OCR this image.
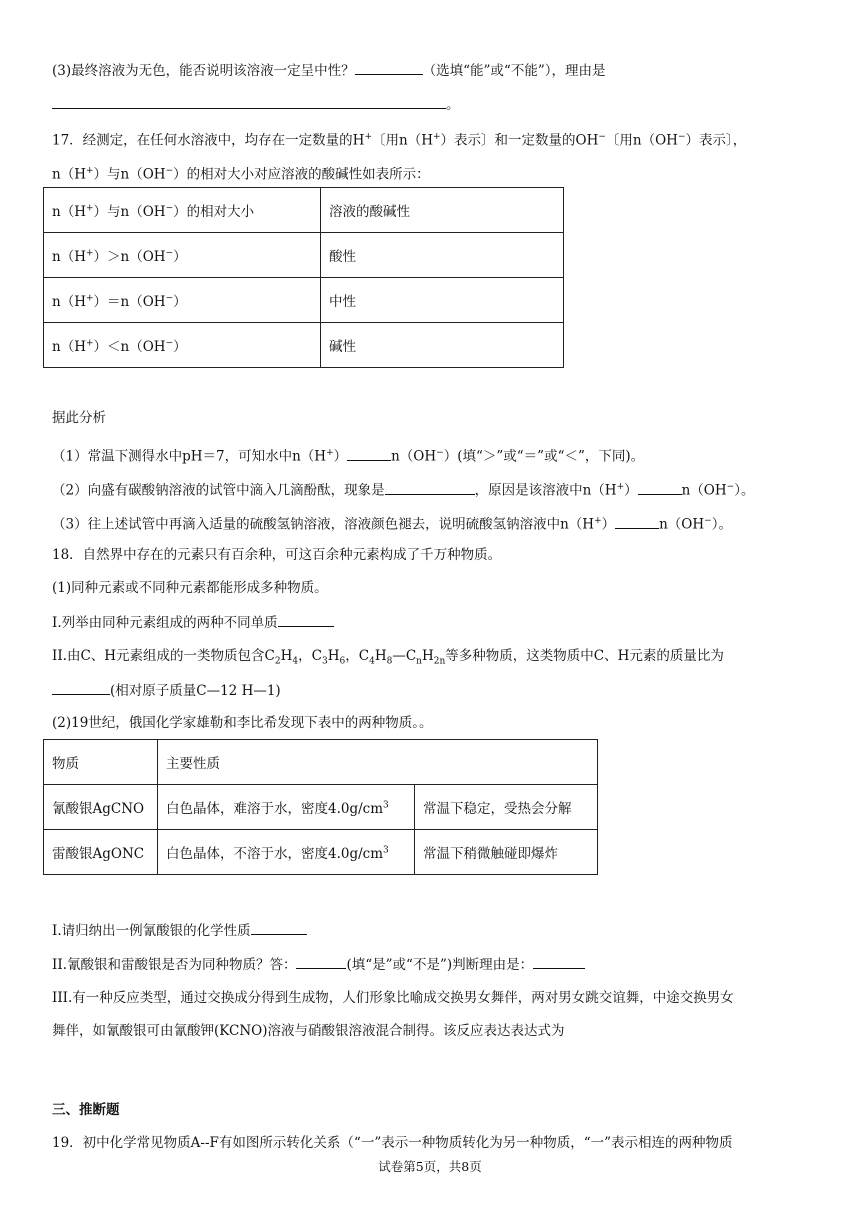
(3)最终溶液为无色，能否说明该溶液一定呈中性？	（选填“能”或“不能”），理由是
。
17．经测定，在任何水溶液中，均存在一定数量的H+〔用n（H+）表示〕和一定数量的OH−〔用n（OH−）表示〕，
n（H+）与n（OH−）的相对大小对应溶液的酸碱性如表所示：
n（H+）与n（OH−）的相对大小	溶液的酸碱性
n（H+）＞n（OH−）	酸性
n（H+）＝n（OH−）	中性
n（H+）＜n（OH−）	碱性
据此分析
（1）常温下测得水中pH＝7，可知水中n（H+）	n（OH−）(填“＞”或“＝”或“＜”，下同)。
（2）向盛有碳酸钠溶液的试管中滴入几滴酚酞，现象是	，原因是该溶液中n（H+）	n（OH−）。
（3）往上述试管中再滴入适量的硫酸氢钠溶液，溶液颜色褪去，说明硫酸氢钠溶液中n（H+）	n（OH−）。
18．自然界中存在的元素只有百余种，可这百余种元素构成了千万种物质。
(1)同种元素或不同种元素都能形成多种物质。
I.列举由同种元素组成的两种不同单质
II.由C、H元素组成的一类物质包含$C_2H_4$，$C_3H_6$，$C_4H_8—C_nH_{2n}$等多种物质，这类物质中C、H元素的质量比为
(相对原子质量C—12 H—1)
(2)19世纪，俄国化学家雄勒和李比希发现下表中的两种物质。。
物质	主要性质	
氰酸银AgCNO	白色晶体，难溶于水，密度$4.0g/cm^3$	常温下稳定，受热会分解
雷酸银AgONC	白色晶体，不溶于水，密度$4.0g/cm^3$	常温下稍微触碰即爆炸
I.请归纳出一例氰酸银的化学性质
II.氰酸银和雷酸银是否为同种物质？答：	(填“是”或“不是”)判断理由是：
III.有一种反应类型，通过交换成分得到生成物，人们形象比喻成交换男女舞伴，两对男女跳交谊舞，中途交换男女
舞伴，如氰酸银可由氰酸钾(KCNO)溶液与硝酸银溶液混合制得。该反应表达表达式为
三、推断题
19．初中化学常见物质A--F有如图所示转化关系（“一”表示一种物质转化为另一种物质，“一”表示相连的两种物质
试卷第5页，共8页
